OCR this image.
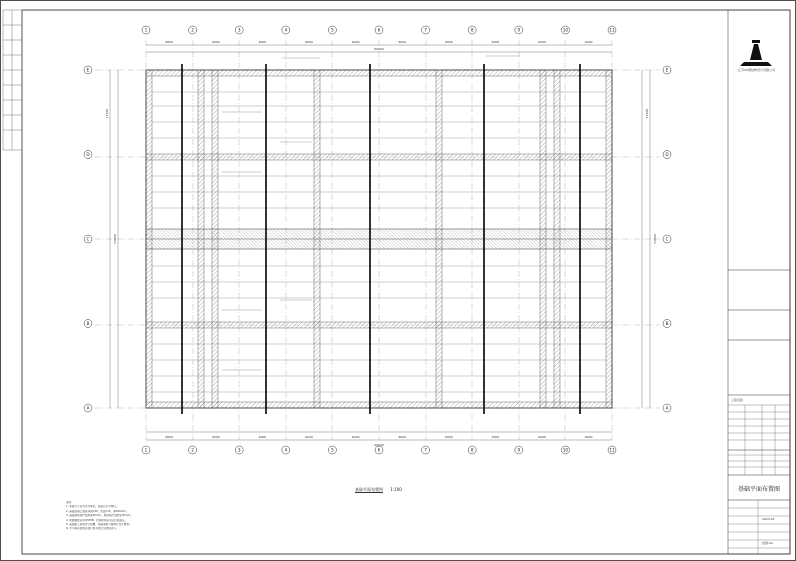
1	2	3	4	5	6	7	8	9	10	11
1	2	3	4	5	6	7	8	9	10	11
A
B
C
D
E
A
B
C
D
E
6000
6000
6000
6000
6000
6000
6000
6000
6000
6000
6000
6000
6000
6000
6000
6000
6000
6000
6000
6000
60000
60000
17400	17400
53800	53800
基础平面布置图 1:100
说明：
1. 本图尺寸以毫米为单位，标高以米为单位。
2. 基础混凝土强度等级C30，垫层C15，厚100mm。
3. 基础钢筋保护层厚度40mm，地梁保护层厚度30mm。
4. 地脚锚栓采用Q345B，预埋时须采用定位板固定。
5. 基础施工前须进行验槽，地基承载力须满足设计要求。
6. 未尽事宜按国家现行相关规范及图集执行。
江苏XX钢结构设计有限公司
工程名称
2023.03
结施-02
基础平面布置图
